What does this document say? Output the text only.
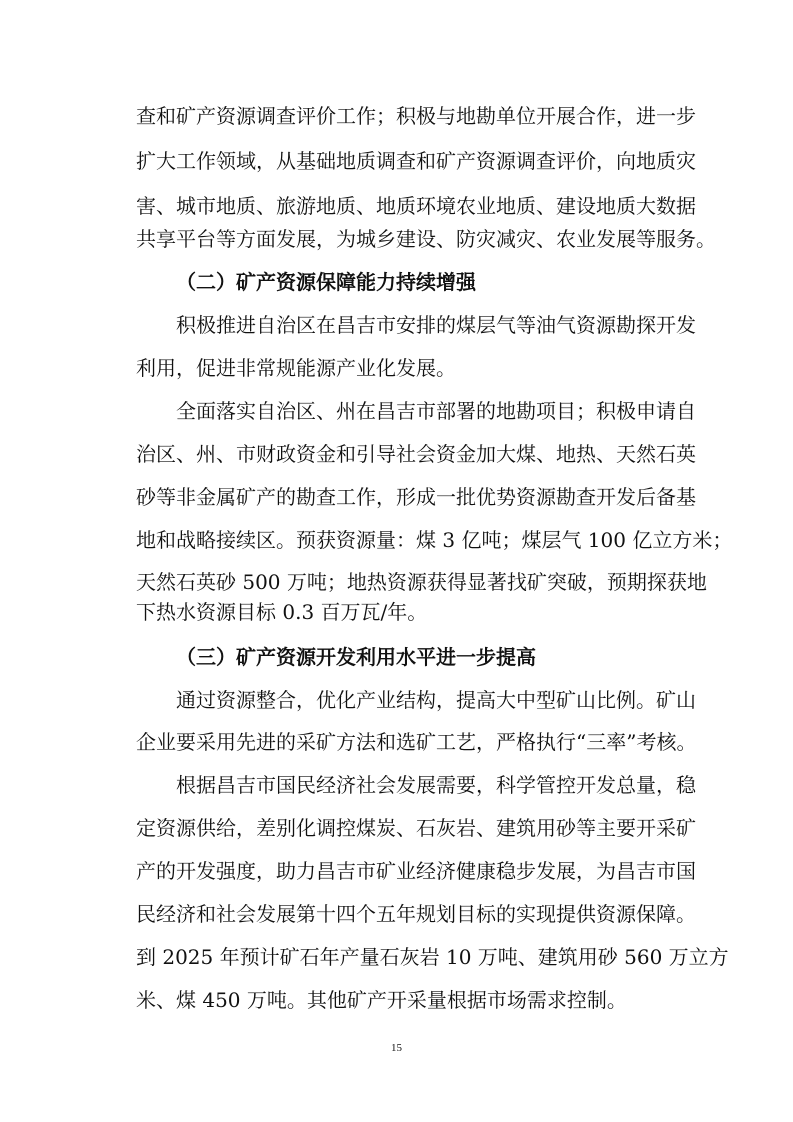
查和矿产资源调查评价工作；积极与地勘单位开展合作，进一步
扩大工作领域，从基础地质调查和矿产资源调查评价，向地质灾
害、城市地质、旅游地质、地质环境农业地质、建设地质大数据
共享平台等方面发展，为城乡建设、防灾减灾、农业发展等服务。
（二）矿产资源保障能力持续增强
积极推进自治区在昌吉市安排的煤层气等油气资源勘探开发
利用，促进非常规能源产业化发展。
全面落实自治区、州在昌吉市部署的地勘项目；积极申请自
治区、州、市财政资金和引导社会资金加大煤、地热、天然石英
砂等非金属矿产的勘查工作，形成一批优势资源勘查开发后备基
地和战略接续区。预获资源量：煤 3 亿吨；煤层气 100 亿立方米；
天然石英砂 500 万吨；地热资源获得显著找矿突破，预期探获地
下热水资源目标 0.3 百万瓦/年。
（三）矿产资源开发利用水平进一步提高
通过资源整合，优化产业结构，提高大中型矿山比例。矿山
企业要采用先进的采矿方法和选矿工艺，严格执行“三率”考核。
根据昌吉市国民经济社会发展需要，科学管控开发总量，稳
定资源供给，差别化调控煤炭、石灰岩、建筑用砂等主要开采矿
产的开发强度，助力昌吉市矿业经济健康稳步发展，为昌吉市国
民经济和社会发展第十四个五年规划目标的实现提供资源保障。
到 2025 年预计矿石年产量石灰岩 10 万吨、建筑用砂 560 万立方
米、煤 450 万吨。其他矿产开采量根据市场需求控制。
15
